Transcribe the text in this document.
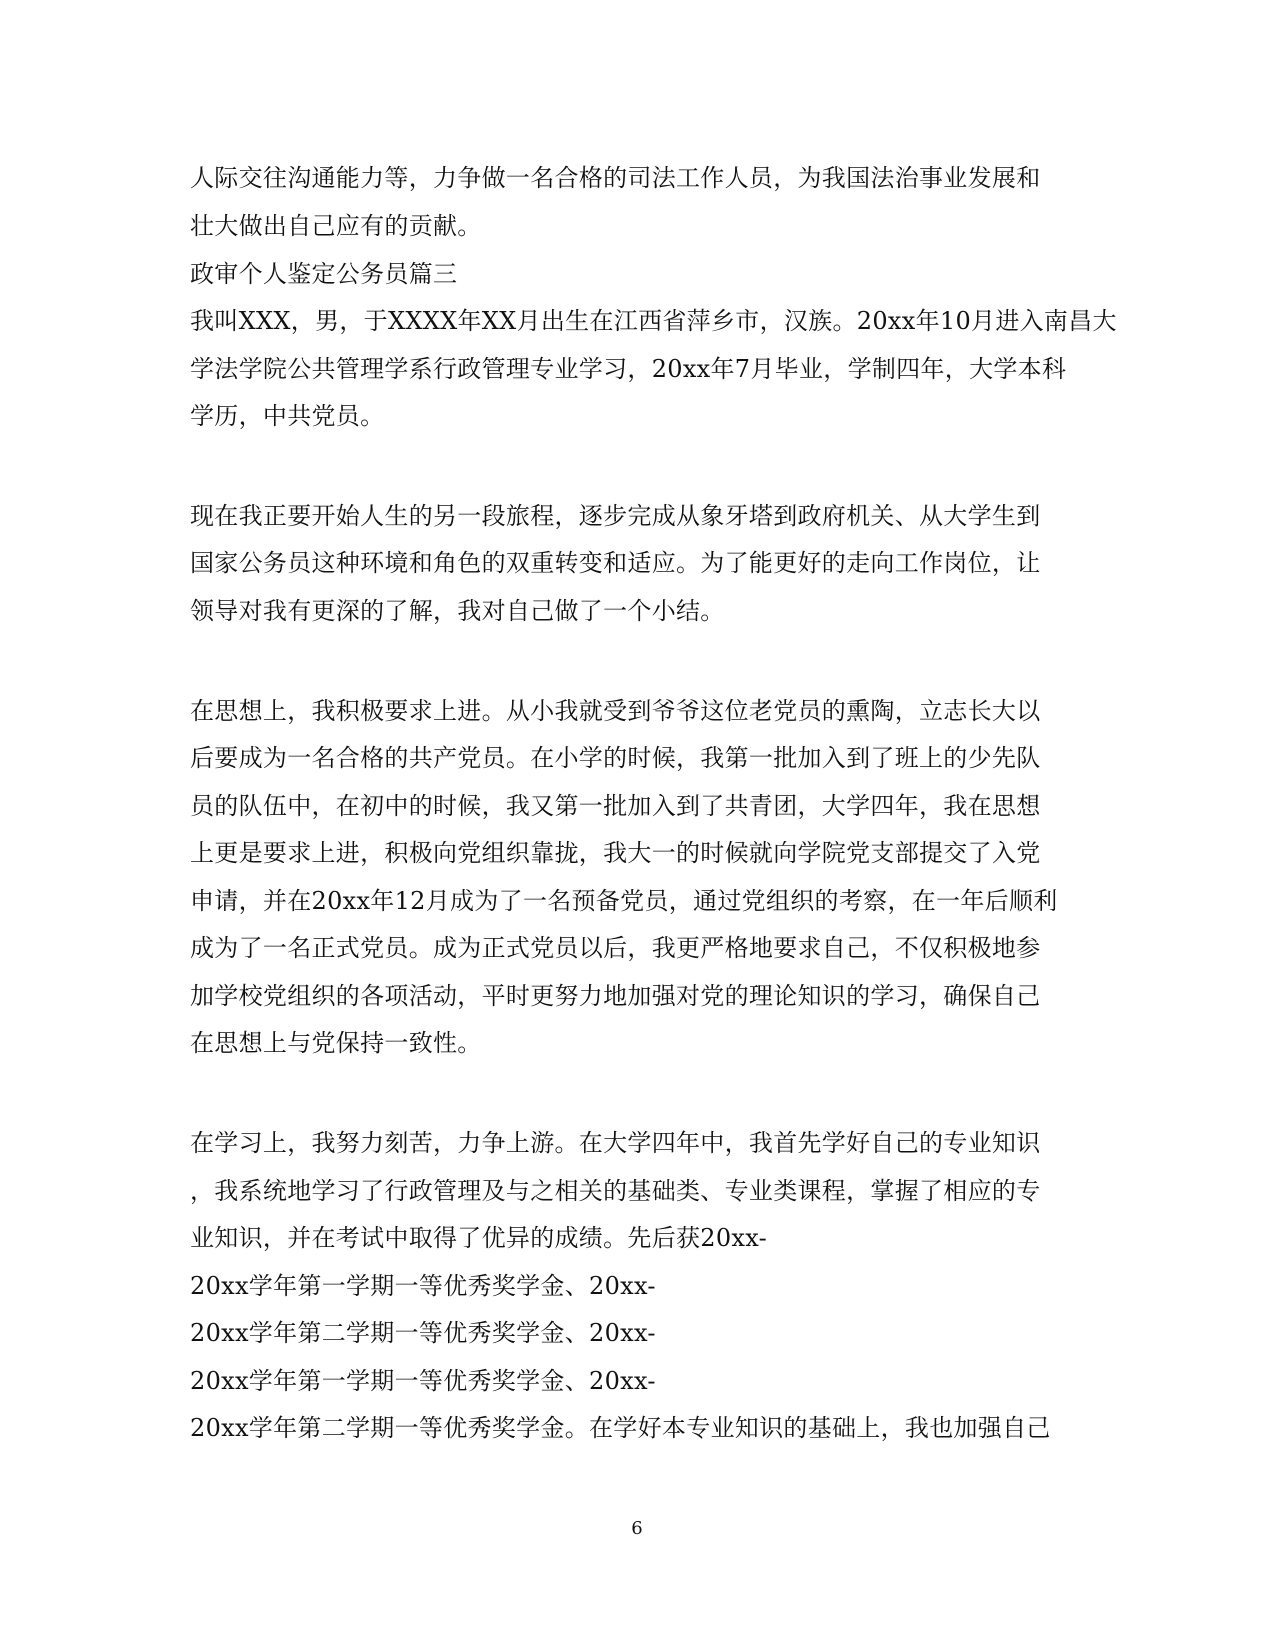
人际交往沟通能力等，力争做一名合格的司法工作人员，为我国法治事业发展和
壮大做出自己应有的贡献。
政审个人鉴定公务员篇三
我叫XXX，男，于XXXX年XX月出生在江西省萍乡市，汉族。20xx年10月进入南昌大
学法学院公共管理学系行政管理专业学习，20xx年7月毕业，学制四年，大学本科
学历，中共党员。
现在我正要开始人生的另一段旅程，逐步完成从象牙塔到政府机关、从大学生到
国家公务员这种环境和角色的双重转变和适应。为了能更好的走向工作岗位，让
领导对我有更深的了解，我对自己做了一个小结。
在思想上，我积极要求上进。从小我就受到爷爷这位老党员的熏陶，立志长大以
后要成为一名合格的共产党员。在小学的时候，我第一批加入到了班上的少先队
员的队伍中，在初中的时候，我又第一批加入到了共青团，大学四年，我在思想
上更是要求上进，积极向党组织靠拢，我大一的时候就向学院党支部提交了入党
申请，并在20xx年12月成为了一名预备党员，通过党组织的考察，在一年后顺利
成为了一名正式党员。成为正式党员以后，我更严格地要求自己，不仅积极地参
加学校党组织的各项活动，平时更努力地加强对党的理论知识的学习，确保自己
在思想上与党保持一致性。
在学习上，我努力刻苦，力争上游。在大学四年中，我首先学好自己的专业知识
，我系统地学习了行政管理及与之相关的基础类、专业类课程，掌握了相应的专
业知识，并在考试中取得了优异的成绩。先后获20xx-
20xx学年第一学期一等优秀奖学金、20xx-
20xx学年第二学期一等优秀奖学金、20xx-
20xx学年第一学期一等优秀奖学金、20xx-
20xx学年第二学期一等优秀奖学金。在学好本专业知识的基础上，我也加强自己
6
